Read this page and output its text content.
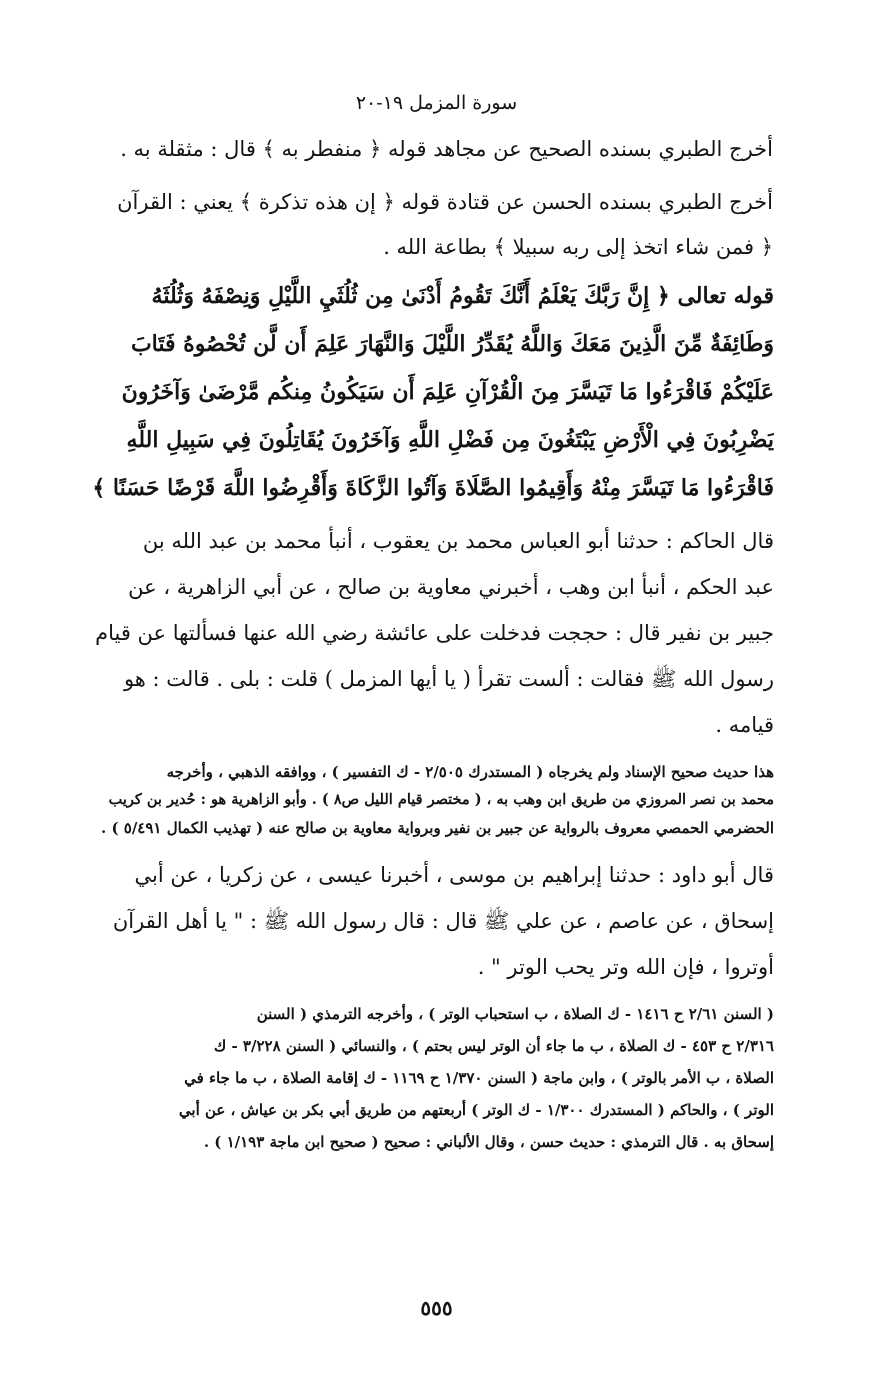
سورة المزمل ١٩-٢٠
أخرج الطبري بسنده الصحيح عن مجاهد قوله ﴿ منفطر به ﴾ قال : مثقلة به .
أخرج الطبري بسنده الحسن عن قتادة قوله ﴿ إن هذه تذكرة ﴾ يعني : القرآن
﴿ فمن شاء اتخذ إلى ربه سبيلا ﴾ بطاعة الله .
قوله تعالى ﴿ إِنَّ رَبَّكَ يَعْلَمُ أَنَّكَ تَقُومُ أَدْنَىٰ مِن ثُلُثَيِ اللَّيْلِ وَنِصْفَهُ وَثُلُثَهُ
وَطَائِفَةٌ مِّنَ الَّذِينَ مَعَكَ وَاللَّهُ يُقَدِّرُ اللَّيْلَ وَالنَّهَارَ عَلِمَ أَن لَّن تُحْصُوهُ فَتَابَ
عَلَيْكُمْ فَاقْرَءُوا مَا تَيَسَّرَ مِنَ الْقُرْآنِ عَلِمَ أَن سَيَكُونُ مِنكُم مَّرْضَىٰ وَآخَرُونَ
يَضْرِبُونَ فِي الْأَرْضِ يَبْتَغُونَ مِن فَضْلِ اللَّهِ وَآخَرُونَ يُقَاتِلُونَ فِي سَبِيلِ اللَّهِ
فَاقْرَءُوا مَا تَيَسَّرَ مِنْهُ وَأَقِيمُوا الصَّلَاةَ وَآتُوا الزَّكَاةَ وَأَقْرِضُوا اللَّهَ قَرْضًا حَسَنًا ﴾
قال الحاكم : حدثنا أبو العباس محمد بن يعقوب ، أنبأ محمد بن عبد الله بن
عبد الحكم ، أنبأ ابن وهب ، أخبرني معاوية بن صالح ، عن أبي الزاهرية ، عن
جبير بن نفير قال : حججت فدخلت على عائشة رضي الله عنها فسألتها عن قيام
رسول الله ﷺ فقالت : ألست تقرأ ( يا أيها المزمل ) قلت : بلى . قالت : هو
قيامه .
هذا حديث صحيح الإسناد ولم يخرجاه ( المستدرك ٢/٥٠٥ - ك التفسير ) ، ووافقه الذهبي ، وأخرجه
محمد بن نصر المروزي من طريق ابن وهب به ، ( مختصر قيام الليل ص٨ ) . وأبو الزاهرية هو : حُدير بن كريب
الحضرمي الحمصي معروف بالرواية عن جبير بن نفير وبرواية معاوية بن صالح عنه ( تهذيب الكمال ٥/٤٩١ ) .
قال أبو داود : حدثنا إبراهيم بن موسى ، أخبرنا عيسى ، عن زكريا ، عن أبي
إسحاق ، عن عاصم ، عن علي ﷺ قال : قال رسول الله ﷺ : " يا أهل القرآن
أوتروا ، فإن الله وتر يحب الوتر " .
( السنن ٢/٦١ ح ١٤١٦ - ك الصلاة ، ب استحباب الوتر ) ، وأخرجه الترمذي ( السنن
٢/٣١٦ ح ٤٥٣ - ك الصلاة ، ب ما جاء أن الوتر ليس بحتم ) ، والنسائي ( السنن ٣/٢٢٨ - ك
الصلاة ، ب الأمر بالوتر ) ، وابن ماجة ( السنن ١/٣٧٠ ح ١١٦٩ - ك إقامة الصلاة ، ب ما جاء في
الوتر ) ، والحاكم ( المستدرك ١/٣٠٠ - ك الوتر ) أربعتهم من طريق أبي بكر بن عياش ، عن أبي
إسحاق به . قال الترمذي : حديث حسن ، وقال الألباني : صحيح ( صحيح ابن ماجة ١/١٩٣ ) .
٥٥٥
